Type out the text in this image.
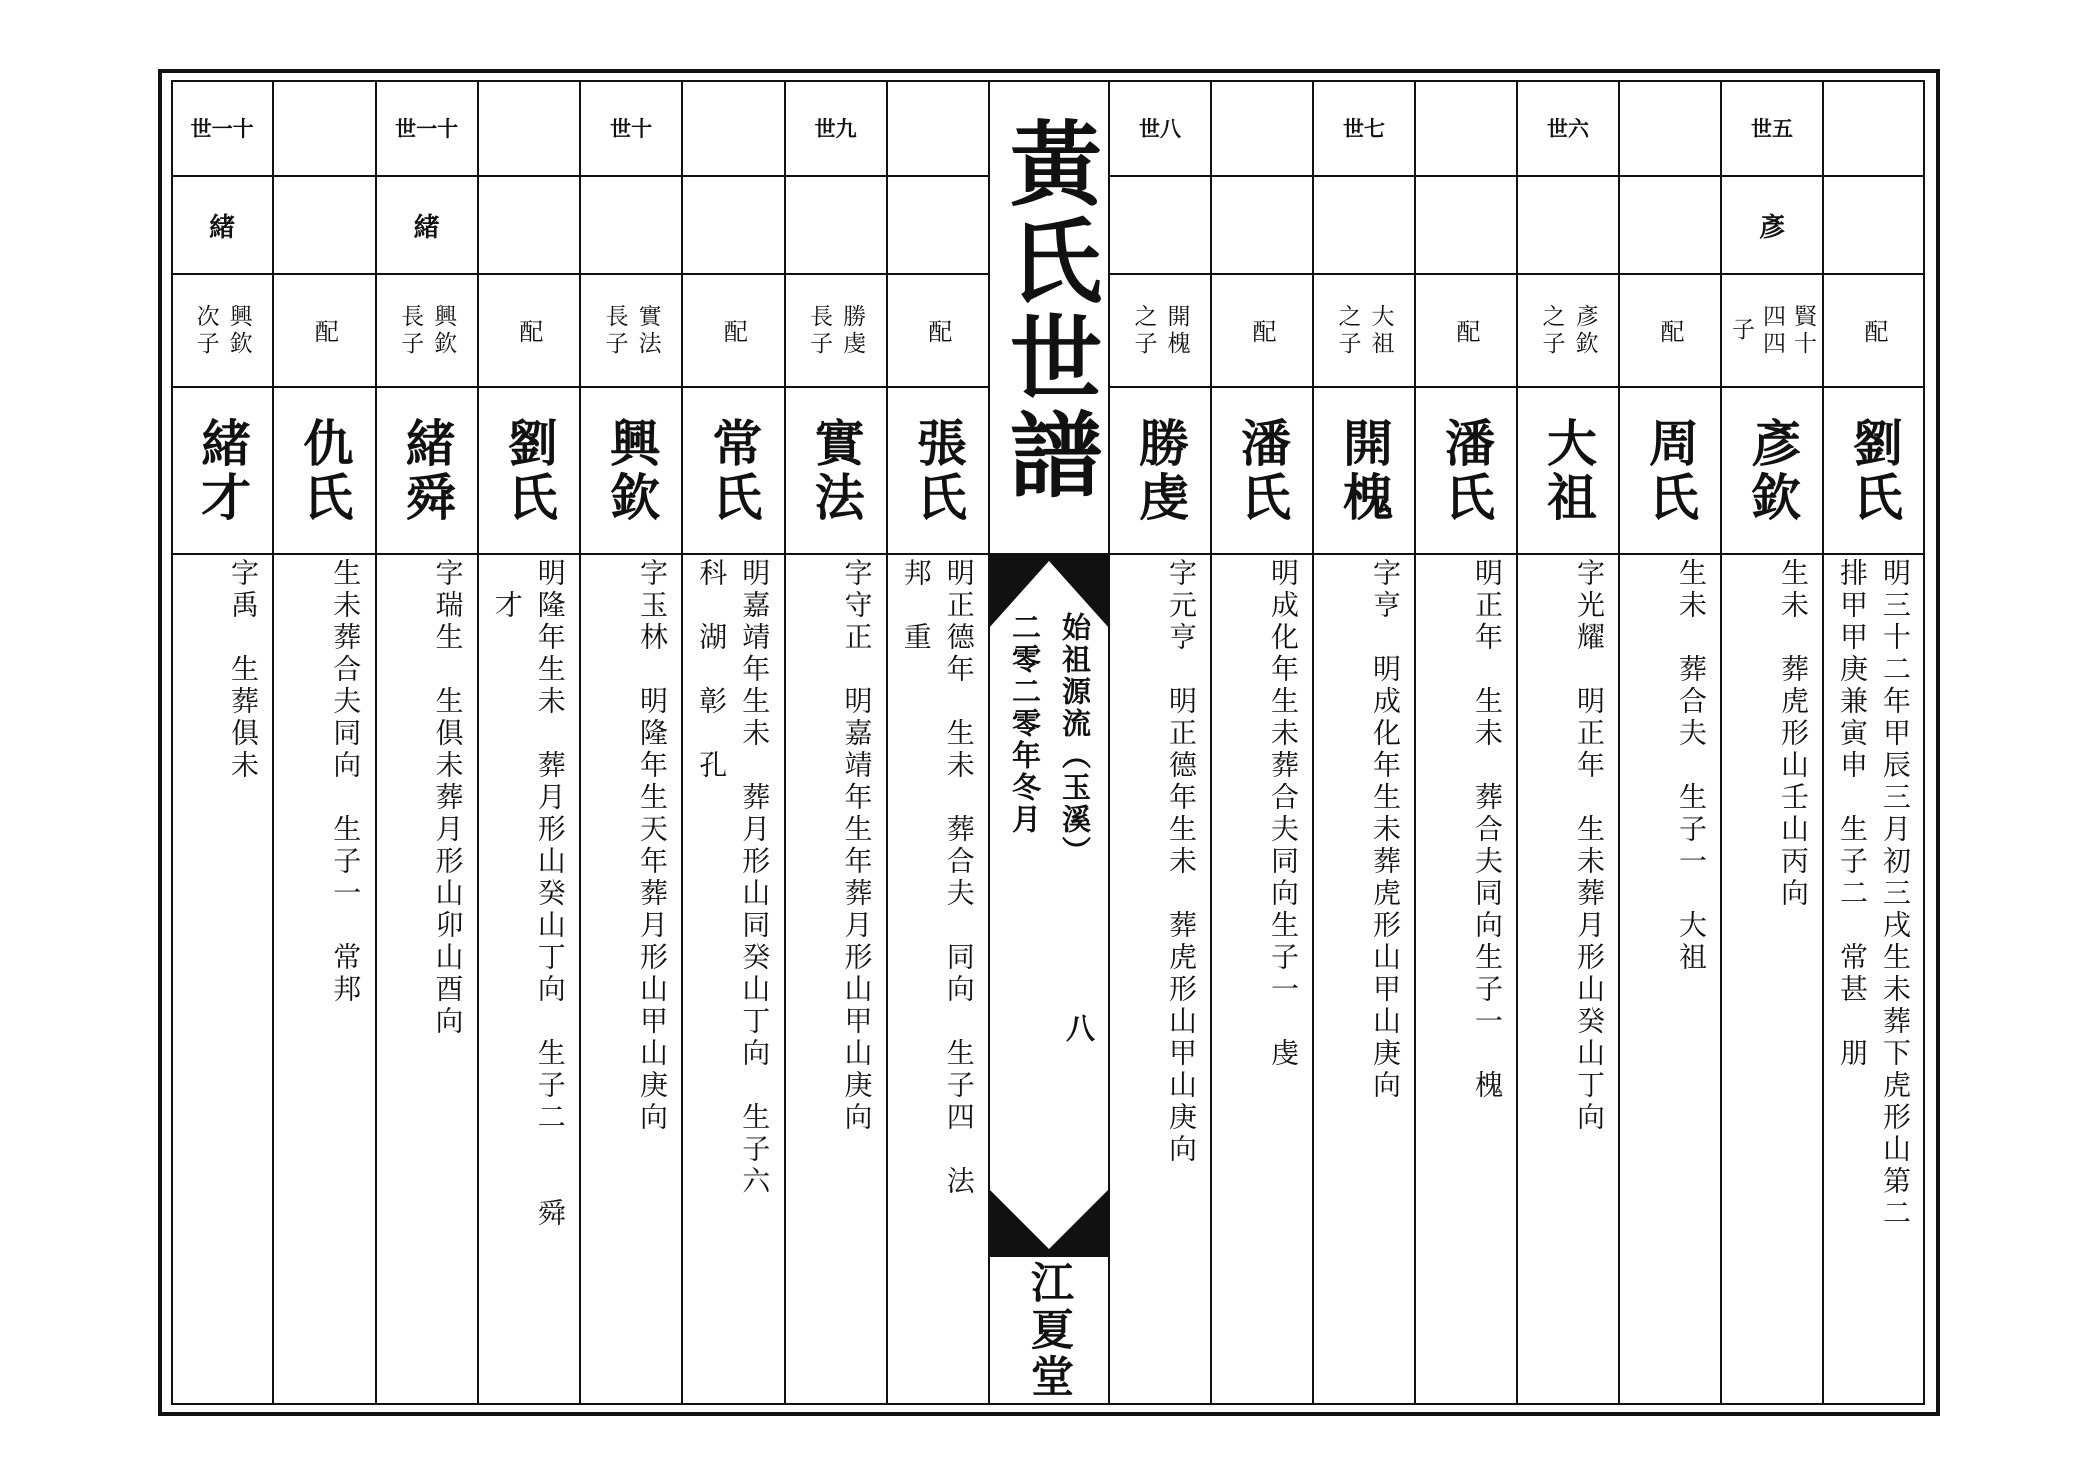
世一十
緒
興欽
次子
緒才
字禹　生葬俱未
配
仇氏
生未葬合夫同向　生子一　常邦
世一十
緒
興欽
長子
緒舜
字瑞生　生俱未葬月形山卯山酉向
配
劉氏
明隆年生未　葬月形山癸山丁向　生子二　　舜
才
世十
實法
長子
興欽
字玉林　明隆年生天年葬月形山甲山庚向
配
常氏
明嘉靖年生未　葬月形山同癸山丁向　生子六
科　湖　彰　孔
世九
勝虔
長子
實法
字守正　明嘉靖年生年葬月形山甲山庚向
配
張氏
明正德年　生未　葬合夫　同向　生子四　法
邦　重
世八
開槐
之子
勝虔
字元亨　明正德年生未　葬虎形山甲山庚向
配
潘氏
明成化年生未葬合夫同向生子一　虔
世七
大祖
之子
開槐
字亨　明成化年生未葬虎形山甲山庚向
配
潘氏
明正年　生未　葬合夫同向生子一　槐
世六
彥欽
之子
大祖
字光耀　明正年　生未葬月形山癸山丁向
配
周氏
生未　葬合夫　生子一　大祖
世五
彥
賢十
四四
子
彥欽
生未　葬虎形山壬山丙向
配
劉氏
明三十二年甲辰三月初三戌生未葬下虎形山第二
排甲甲庚兼寅申　生子二　常甚　朋
黃氏世譜
始祖源流（玉溪）
二零二零年冬月
八
江夏堂
